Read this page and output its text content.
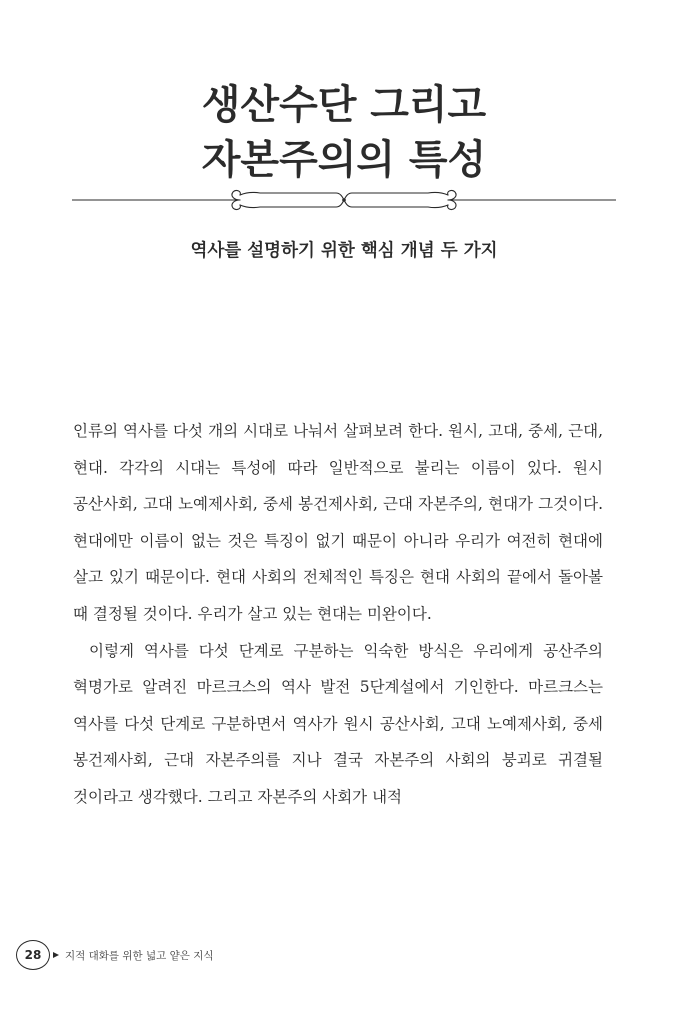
생산수단 그리고
자본주의의 특성
역사를 설명하기 위한 핵심 개념 두 가지

인류의 역사를 다섯 개의 시대로 나눠서 살펴보려 한다. 원시, 고대, 중세, 근대, 현대. 각각의 시대는 특성에 따라 일반적으로 불리는 이름이 있다. 원시 공산사회, 고대 노예제사회, 중세 봉건제사회, 근대 자본주의, 현대가 그것이다. 현대에만 이름이 없는 것은 특징이 없기 때문이 아니라 우리가 여전히 현대에 살고 있기 때문이다. 현대 사회의 전체적인 특징은 현대 사회의 끝에서 돌아볼 때 결정될 것이다. 우리가 살고 있는 현대는 미완이다.

이렇게 역사를 다섯 단계로 구분하는 익숙한 방식은 우리에게 공산주의 혁명가로 알려진 마르크스의 역사 발전 5단계설에서 기인한다. 마르크스는 역사를 다섯 단계로 구분하면서 역사가 원시 공산사회, 고대 노예제사회, 중세 봉건제사회, 근대 자본주의를 지나 결국 자본주의 사회의 붕괴로 귀결될 것이라고 생각했다. 그리고 자본주의 사회가 내적

28	지적 대화를 위한 넓고 얕은 지식
